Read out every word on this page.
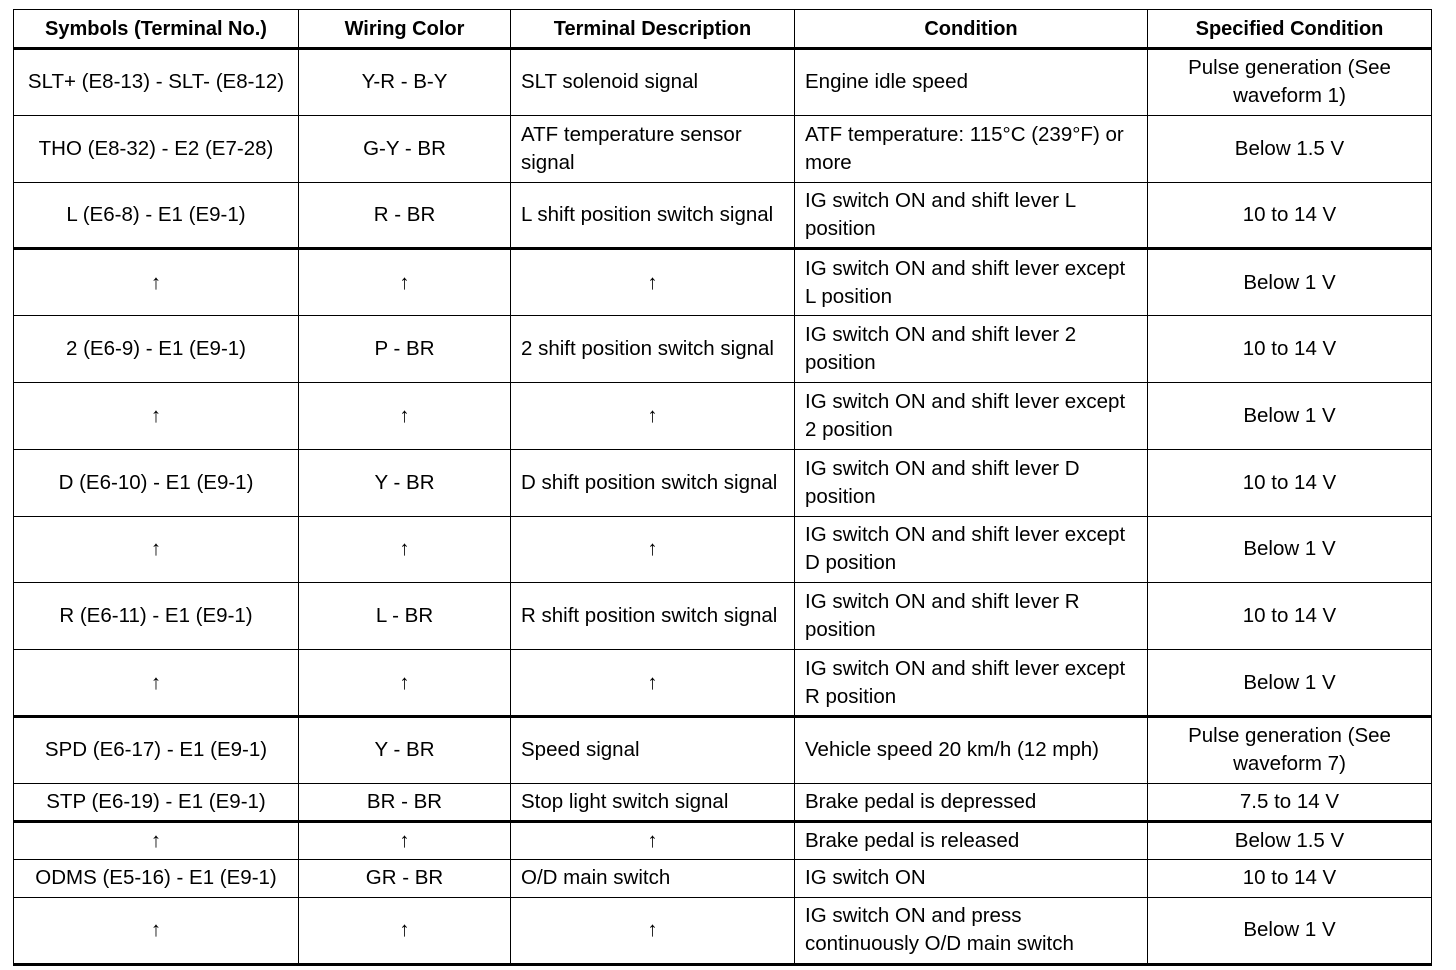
Symbols (Terminal No.)	Wiring Color	Terminal Description	Condition	Specified Condition
SLT+ (E8-13) - SLT- (E8-12)	Y-R - B-Y	SLT solenoid signal	Engine idle speed	Pulse generation (See waveform 1)
THO (E8-32) - E2 (E7-28)	G-Y - BR	ATF temperature sensor signal	ATF temperature: 115°C (239°F) or more	Below 1.5 V
L (E6-8) - E1 (E9-1)	R - BR	L shift position switch signal	IG switch ON and shift lever L position	10 to 14 V
↑	↑	↑	IG switch ON and shift lever except L position	Below 1 V
2 (E6-9) - E1 (E9-1)	P - BR	2 shift position switch signal	IG switch ON and shift lever 2 position	10 to 14 V
↑	↑	↑	IG switch ON and shift lever except 2 position	Below 1 V
D (E6-10) - E1 (E9-1)	Y - BR	D shift position switch signal	IG switch ON and shift lever D position	10 to 14 V
↑	↑	↑	IG switch ON and shift lever except D position	Below 1 V
R (E6-11) - E1 (E9-1)	L - BR	R shift position switch signal	IG switch ON and shift lever R position	10 to 14 V
↑	↑	↑	IG switch ON and shift lever except R position	Below 1 V
SPD (E6-17) - E1 (E9-1)	Y - BR	Speed signal	Vehicle speed 20 km/h (12 mph)	Pulse generation (See waveform 7)
STP (E6-19) - E1 (E9-1)	BR - BR	Stop light switch signal	Brake pedal is depressed	7.5 to 14 V
↑	↑	↑	Brake pedal is released	Below 1.5 V
ODMS (E5-16) - E1 (E9-1)	GR - BR	O/D main switch	IG switch ON	10 to 14 V
↑	↑	↑	IG switch ON and press continuously O/D main switch	Below 1 V
